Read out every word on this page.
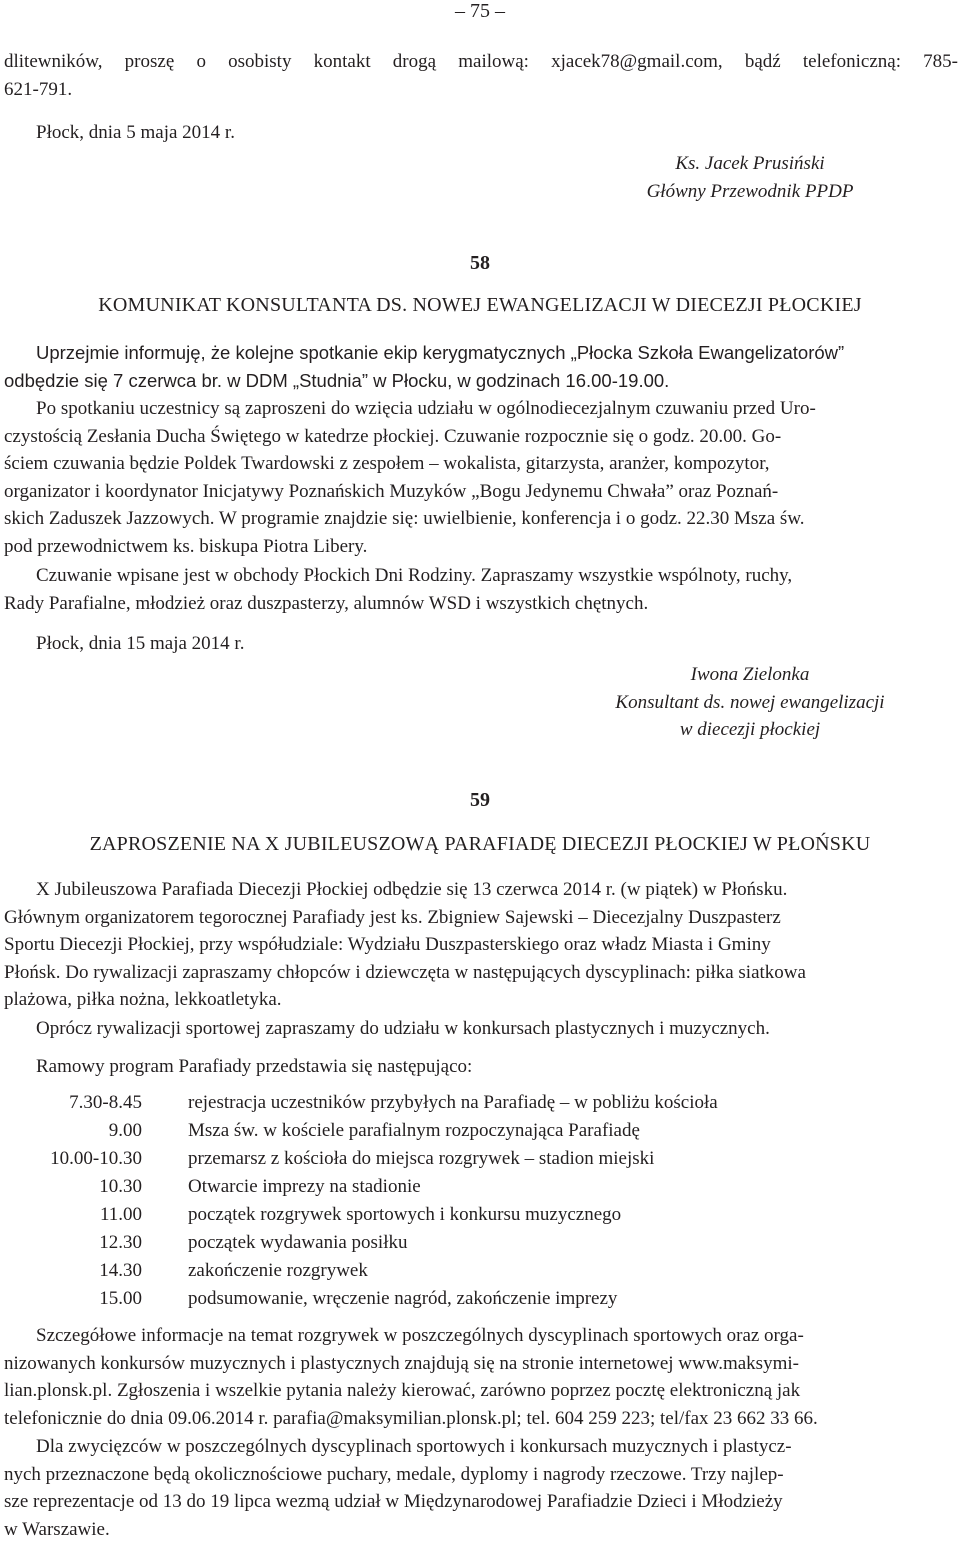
– 75 –

dlitewników, proszę o osobisty kontakt drogą mailową: xjacek78@gmail.com, bądź telefoniczną: 785-

621-791.

Płock, dnia 5 maja 2014 r.
Ks. Jacek Prusiński
Główny Przewodnik PPDP
58
KOMUNIKAT KONSULTANTA DS. NOWEJ EWANGELIZACJI W DIECEZJI PŁOCKIEJ

Uprzejmie informuję, że kolejne spotkanie ekip kerygmatycznych „Płocka Szkoła Ewangelizatorów”

odbędzie się 7 czerwca br. w DDM „Studnia” w Płocku, w godzinach 16.00-19.00.

Po spotkaniu uczestnicy są zaproszeni do wzięcia udziału w ogólnodiecezjalnym czuwaniu przed Uro-

czystością Zesłania Ducha Świętego w katedrze płockiej. Czuwanie rozpocznie się o godz. 20.00. Go-

ściem czuwania będzie Poldek Twardowski z zespołem – wokalista, gitarzysta, aranżer, kompozytor,

organizator i koordynator Inicjatywy Poznańskich Muzyków „Bogu Jedynemu Chwała” oraz Poznań-

skich Zaduszek Jazzowych. W programie znajdzie się: uwielbienie, konferencja i o godz. 22.30 Msza św.

pod przewodnictwem ks. biskupa Piotra Libery.

Czuwanie wpisane jest w obchody Płockich Dni Rodziny. Zapraszamy wszystkie wspólnoty, ruchy,

Rady Parafialne, młodzież oraz duszpasterzy, alumnów WSD i wszystkich chętnych.

Płock, dnia 15 maja 2014 r.
Iwona Zielonka
Konsultant ds. nowej ewangelizacji
w diecezji płockiej
59
ZAPROSZENIE NA X JUBILEUSZOWĄ PARAFIADĘ DIECEZJI PŁOCKIEJ W PŁOŃSKU

X Jubileuszowa Parafiada Diecezji Płockiej odbędzie się 13 czerwca 2014 r. (w piątek) w Płońsku.

Głównym organizatorem tegorocznej Parafiady jest ks. Zbigniew Sajewski – Diecezjalny Duszpasterz

Sportu Diecezji Płockiej, przy współudziale: Wydziału Duszpasterskiego oraz władz Miasta i Gminy

Płońsk. Do rywalizacji zapraszamy chłopców i dziewczęta w następujących dyscyplinach: piłka siatkowa

plażowa, piłka nożna, lekkoatletyka.

Oprócz rywalizacji sportowej zapraszamy do udziału w konkursach plastycznych i muzycznych.

Ramowy program Parafiady przedstawia się następująco:

7.30-8.45	rejestracja uczestników przybyłych na Parafiadę – w pobliżu kościoła
9.00	Msza św. w kościele parafialnym rozpoczynająca Parafiadę
10.00-10.30	przemarsz z kościoła do miejsca rozgrywek – stadion miejski
10.30	Otwarcie imprezy na stadionie
11.00	początek rozgrywek sportowych i konkursu muzycznego
12.30	początek wydawania posiłku
14.30	zakończenie rozgrywek
15.00	podsumowanie, wręczenie nagród, zakończenie imprezy

Szczegółowe informacje na temat rozgrywek w poszczególnych dyscyplinach sportowych oraz orga-

nizowanych konkursów muzycznych i plastycznych znajdują się na stronie internetowej www.maksymi-

lian.plonsk.pl. Zgłoszenia i wszelkie pytania należy kierować, zarówno poprzez pocztę elektroniczną jak

telefonicznie do dnia 09.06.2014 r. parafia@maksymilian.plonsk.pl; tel. 604 259 223; tel/fax 23 662 33 66.

Dla zwycięzców w poszczególnych dyscyplinach sportowych i konkursach muzycznych i plastycz-

nych przeznaczone będą okolicznościowe puchary, medale, dyplomy i nagrody rzeczowe. Trzy najlep-

sze reprezentacje od 13 do 19 lipca wezmą udział w Międzynarodowej Parafiadzie Dzieci i Młodzieży

w Warszawie.
